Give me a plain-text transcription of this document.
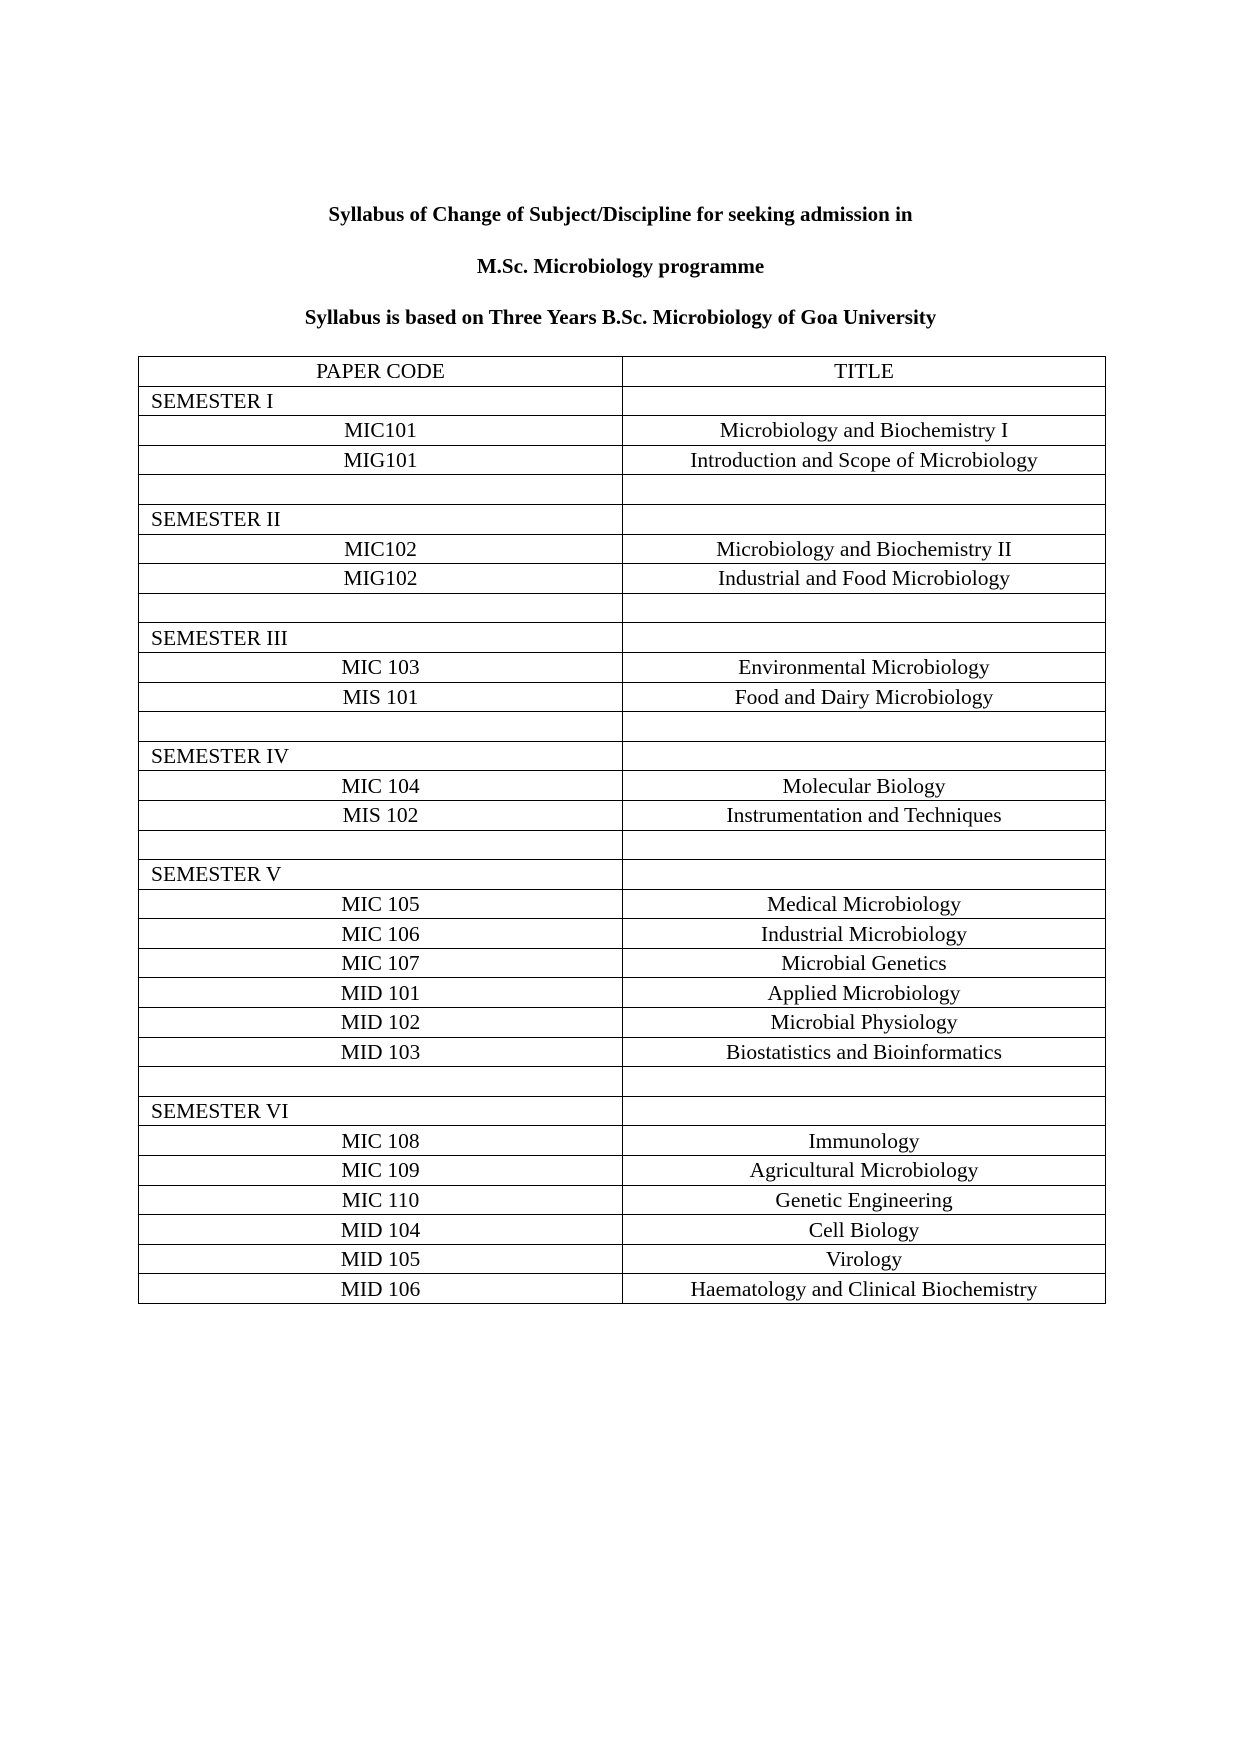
Syllabus of Change of Subject/Discipline for seeking admission in
M.Sc. Microbiology programme
Syllabus is based on Three Years B.Sc. Microbiology of Goa University
PAPER CODE	TITLE
SEMESTER I	
MIC101	Microbiology and Biochemistry I
MIG101	Introduction and Scope of Microbiology

SEMESTER II	
MIC102	Microbiology and Biochemistry II
MIG102	Industrial and Food Microbiology

SEMESTER III	
MIC 103	Environmental Microbiology
MIS 101	Food and Dairy Microbiology

SEMESTER IV	
MIC 104	Molecular Biology
MIS 102	Instrumentation and Techniques

SEMESTER V	
MIC 105	Medical Microbiology
MIC 106	Industrial Microbiology
MIC 107	Microbial Genetics
MID 101	Applied Microbiology
MID 102	Microbial Physiology
MID 103	Biostatistics and Bioinformatics

SEMESTER VI	
MIC 108	Immunology
MIC 109	Agricultural Microbiology
MIC 110	Genetic Engineering
MID 104	Cell Biology
MID 105	Virology
MID 106	Haematology and Clinical Biochemistry
